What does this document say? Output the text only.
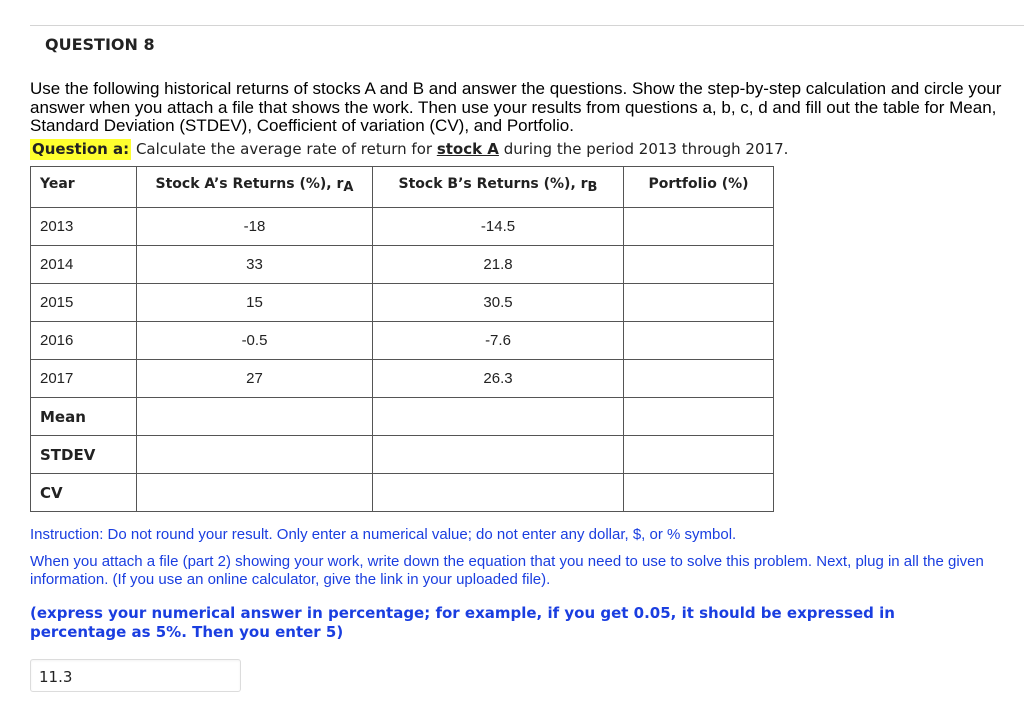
QUESTION 8
Use the following historical returns of stocks A and B and answer the questions. Show the step-by-step calculation and circle your answer when you attach a file that shows the work. Then use your results from questions a, b, c, d and fill out the table for Mean, Standard Deviation (STDEV), Coefficient of variation (CV), and Portfolio.
Question a: Calculate the average rate of return for stock A during the period 2013 through 2017.
Year	Stock A’s Returns (%), $r_A$	Stock B’s Returns (%), $r_B$	Portfolio (%)
2013	-18	-14.5	
2014	33	21.8	
2015	15	30.5	
2016	-0.5	-7.6	
2017	27	26.3	
Mean			
STDEV			
CV			
Instruction: Do not round your result. Only enter a numerical value; do not enter any dollar, $, or % symbol.
When you attach a file (part 2) showing your work, write down the equation that you need to use to solve this problem. Next, plug in all the given information. (If you use an online calculator, give the link in your uploaded file).
(express your numerical answer in percentage; for example, if you get 0.05, it should be expressed in percentage as 5%. Then you enter 5)
11.3
